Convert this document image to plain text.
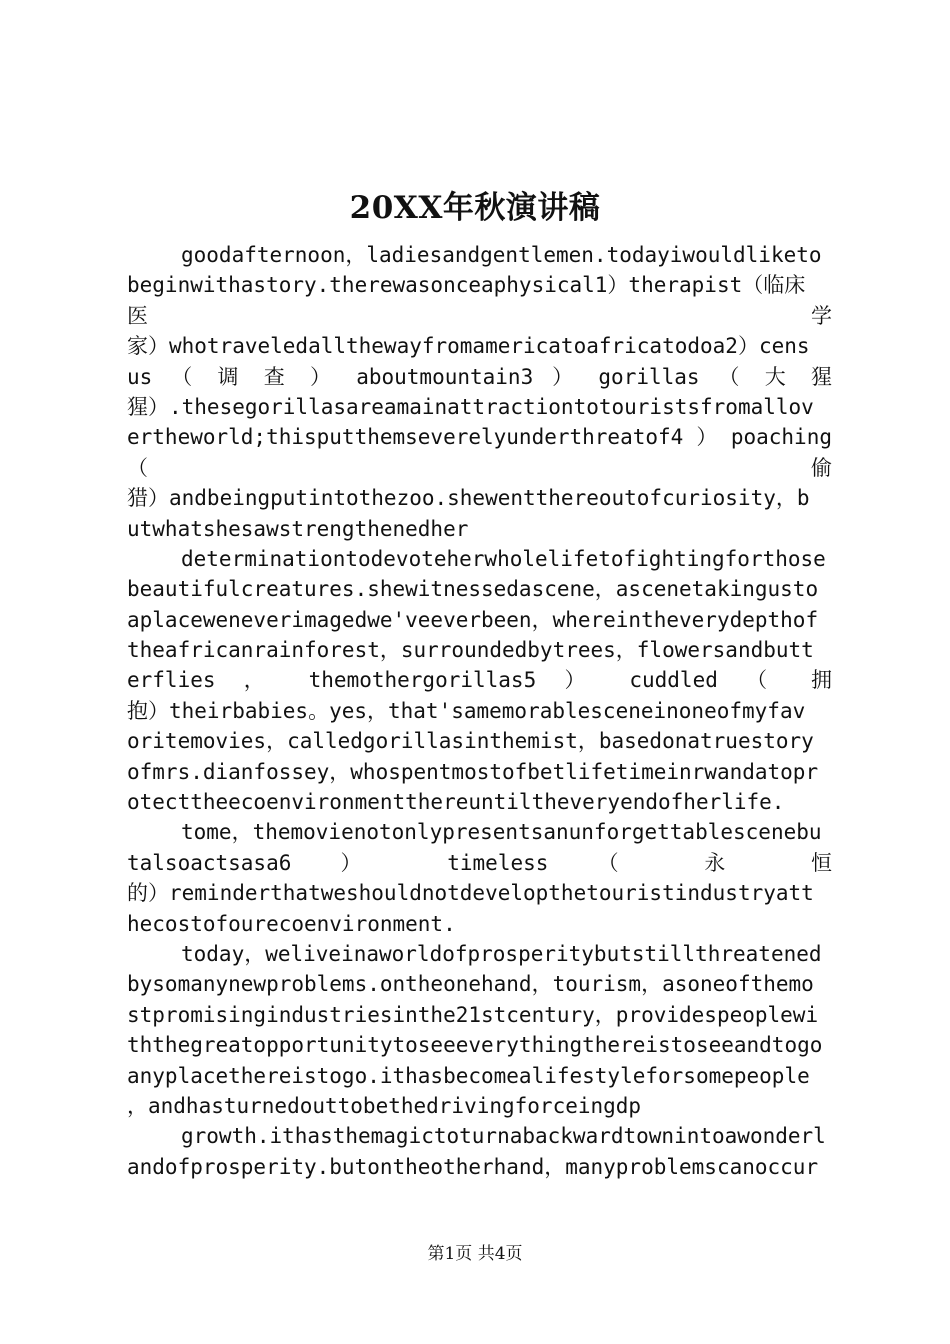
20XX年秋演讲稿
goodafternoon，ladiesandgentlemen.todayiwouldliketo
beginwithastory.therewasonceaphysical1）therapist（临床
医 学
家）whotraveledallthewayfromamericatoafricatodoa2）cens
us （ 调 查 ） aboutmountain3 ） gorillas （ 大 猩
猩）.thesegorillasareamainattractiontotouristsfromallov
ertheworld;thisputthemseverelyunderthreatof4 ） poaching
（ 偷
猎）andbeingputintothezoo.shewentthereoutofcuriosity，b
utwhatshesawstrengthenedher
determinationtodevoteherwholelifetofightingforthose
beautifulcreatures.shewitnessedascene，ascenetakingusto
aplaceweneverimagedwe'veeverbeen，whereintheverydepthof
theafricanrainforest，surroundedbytrees，flowersandbutt
erflies ， themothergorillas5 ） cuddled （ 拥
抱）theirbabies。yes，that'samemorablesceneinoneofmyfav
oritemovies，calledgorillasinthemist，basedonatruestory
ofmrs.dianfossey，whospentmostofbetlifetimeinrwandatopr
otecttheecoenvironmentthereuntiltheveryendofherlife.
tome，themovienotonlypresentsanunforgettablescenebu
talsoactsasa6 ） timeless （ 永 恒
的）reminderthatweshouldnotdevelopthetouristindustryatt
hecostofourecoenvironment.
today，weliveinaworldofprosperitybutstillthreatened
bysomanynewproblems.ontheonehand，tourism，asoneofthemo
stpromisingindustriesinthe21stcentury，providespeoplewi
ththegreatopportunitytoseeeverythingthereistoseeandtogo
anyplacethereistogo.ithasbecomealifestyleforsomepeople
，andhasturnedouttobethedrivingforceingdp
growth.ithasthemagictoturnabackwardtownintoawonderl
andofprosperity.butontheotherhand，manyproblemscanoccur
第1页 共4页
